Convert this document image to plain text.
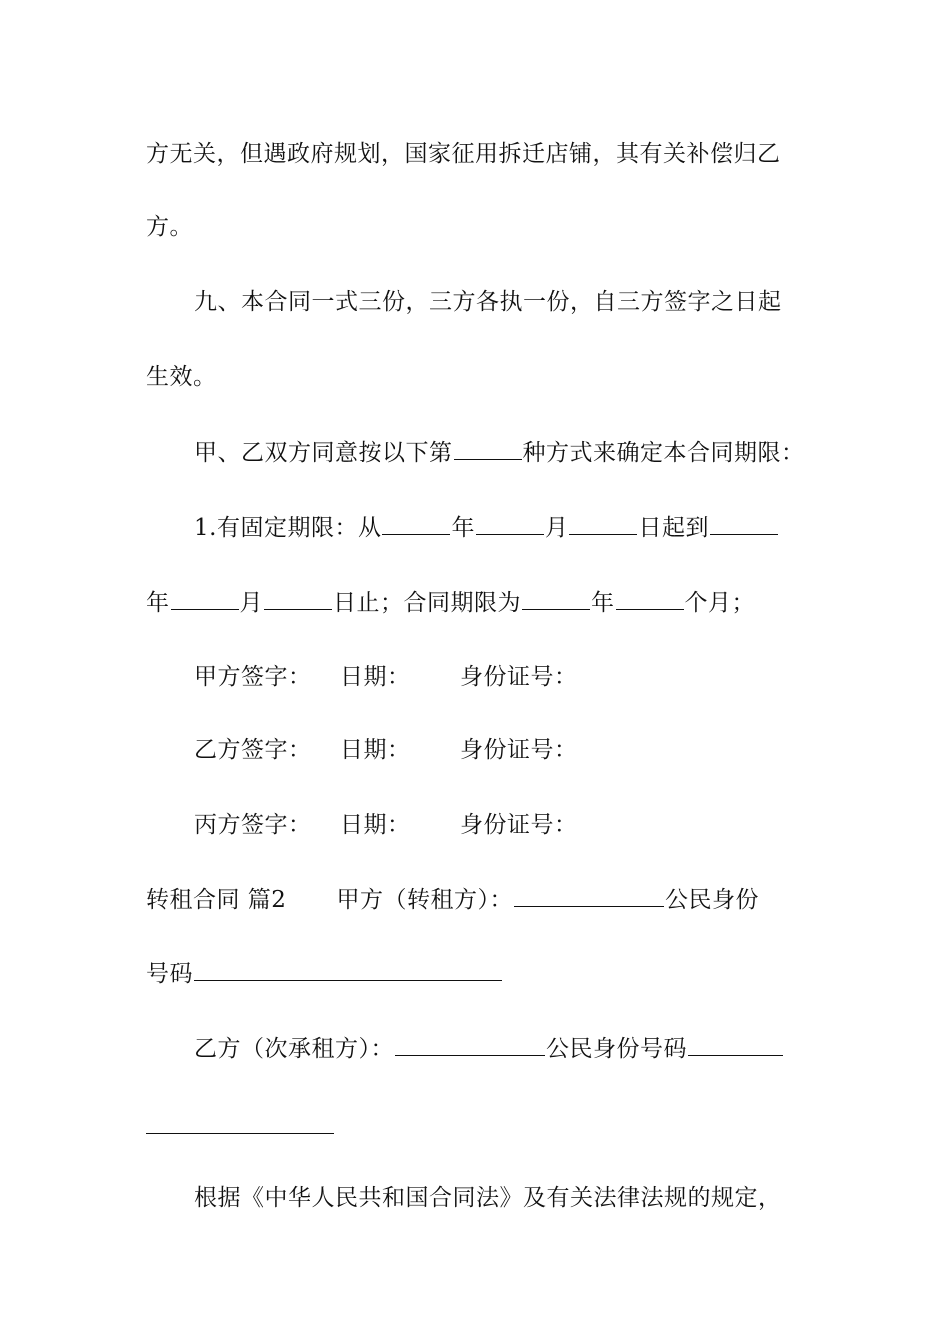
方无关，但遇政府规划，国家征用拆迁店铺，其有关补偿归乙
方。
九、本合同一式三份，三方各执一份，自三方签字之日起
生效。
甲、乙双方同意按以下第	种方式来确定本合同期限：
1.有固定期限：从	年	月	日起到
年	月	日止；合同期限为	年	个月；
甲方签字： 日期： 身份证号：
乙方签字： 日期： 身份证号：
丙方签字： 日期： 身份证号：
转租合同 篇2 甲方（转租方）：	公民身份
号码
乙方（次承租方）：	公民身份号码
根据《中华人民共和国合同法》及有关法律法规的规定，
